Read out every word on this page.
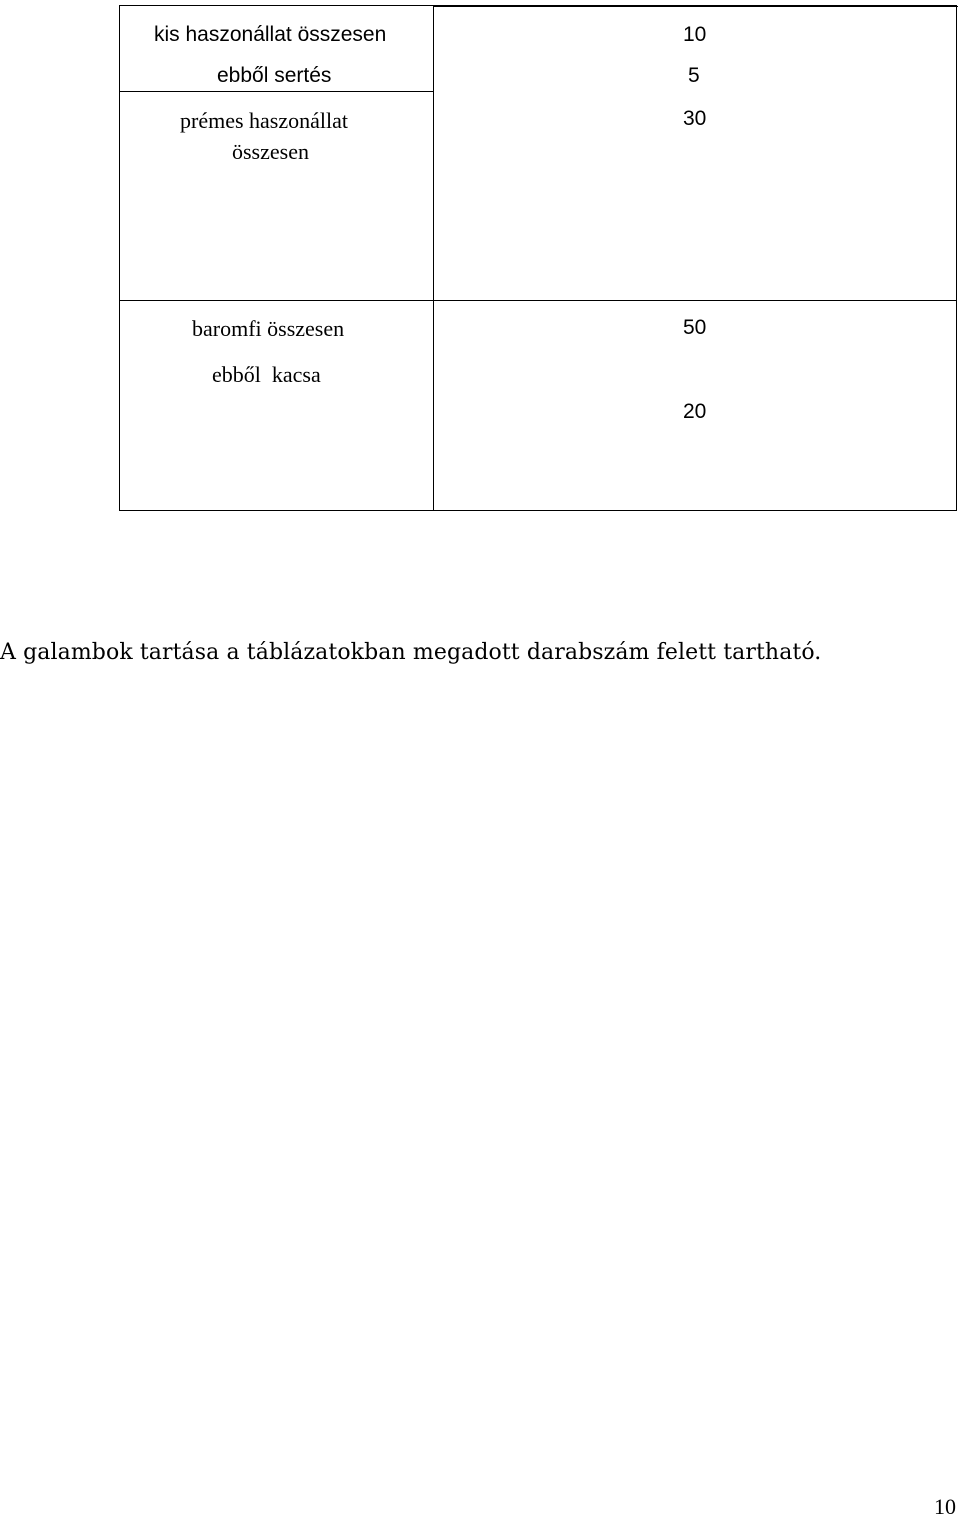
kis haszonállat összesen
ebből sertés
10
5
prémes haszonállat
összesen
30
baromfi összesen
ebből  kacsa
50
20
A galambok tartása a táblázatokban megadott darabszám felett tartható.
10
